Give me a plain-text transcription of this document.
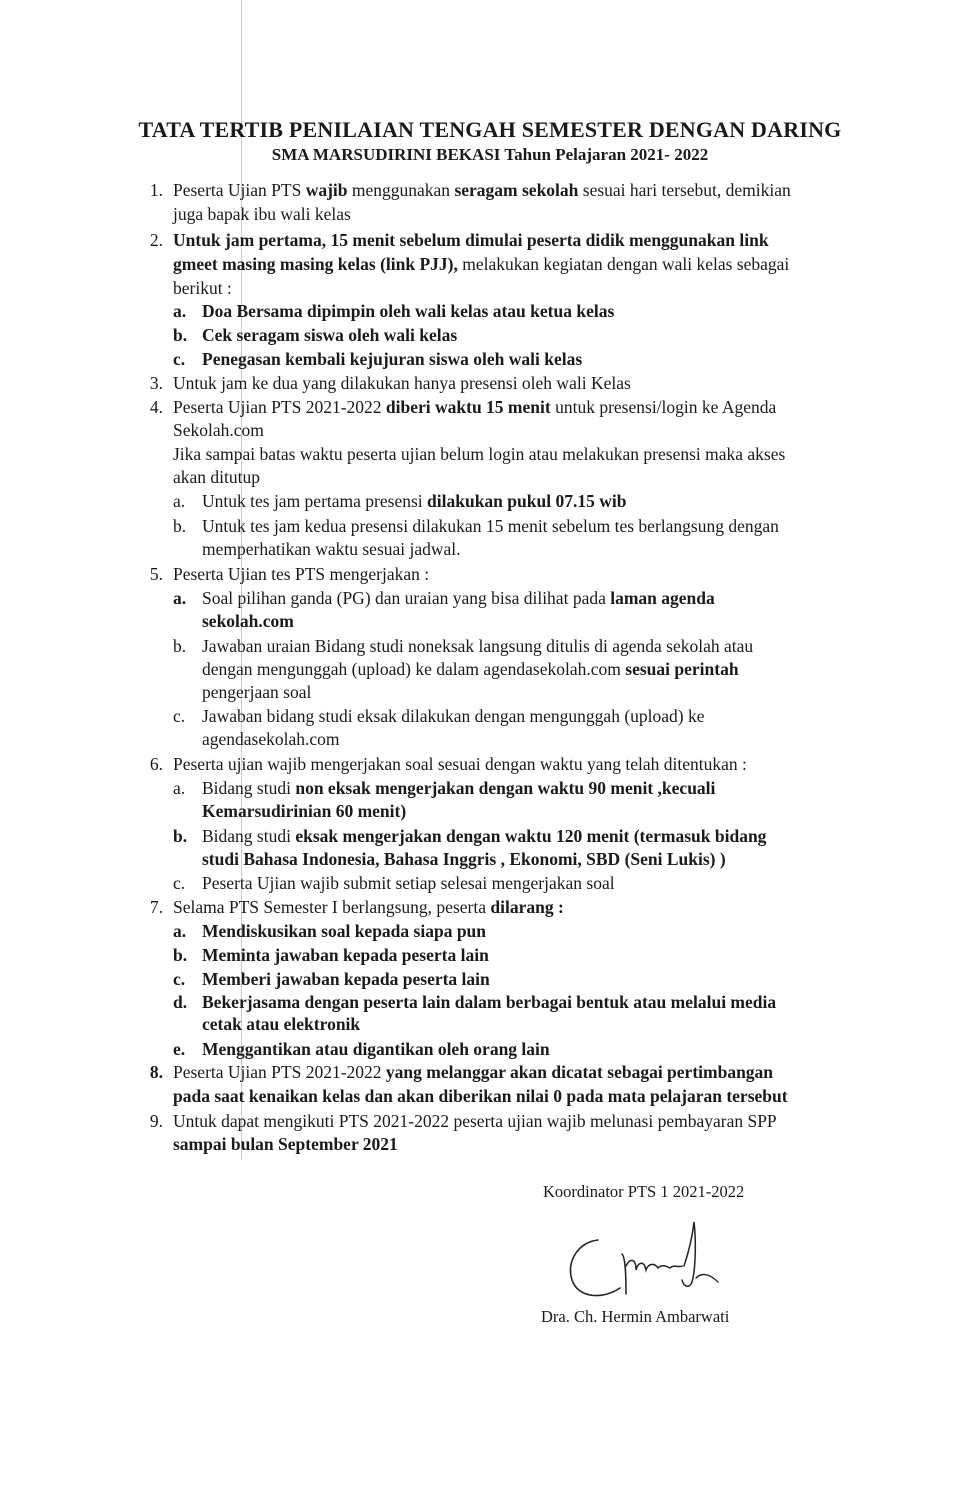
TATA TERTIB PENILAIAN TENGAH SEMESTER DENGAN DARING
SMA MARSUDIRINI BEKASI Tahun Pelajaran 2021- 2022
1. Peserta Ujian PTS wajib menggunakan seragam sekolah sesuai hari tersebut, demikian
juga bapak ibu wali kelas
2. Untuk jam pertama, 15 menit sebelum dimulai peserta didik menggunakan link
gmeet masing masing kelas (link PJJ), melakukan kegiatan dengan wali kelas sebagai
berikut :
a. Doa Bersama dipimpin oleh wali kelas atau ketua kelas
b. Cek seragam siswa oleh wali kelas
c. Penegasan kembali kejujuran siswa oleh wali kelas
3. Untuk jam ke dua yang dilakukan hanya presensi oleh wali Kelas
4. Peserta Ujian PTS 2021-2022 diberi waktu 15 menit untuk presensi/login ke Agenda
Sekolah.com
Jika sampai batas waktu peserta ujian belum login atau melakukan presensi maka akses
akan ditutup
a. Untuk tes jam pertama presensi dilakukan pukul 07.15 wib
b. Untuk tes jam kedua presensi dilakukan 15 menit sebelum tes berlangsung dengan
memperhatikan waktu sesuai jadwal.
5. Peserta Ujian tes PTS mengerjakan :
a. Soal pilihan ganda (PG) dan uraian yang bisa dilihat pada laman agenda
sekolah.com
b. Jawaban uraian Bidang studi noneksak langsung ditulis di agenda sekolah atau
dengan mengunggah (upload) ke dalam agendasekolah.com sesuai perintah
pengerjaan soal
c. Jawaban bidang studi eksak dilakukan dengan mengunggah (upload) ke
agendasekolah.com
6. Peserta ujian wajib mengerjakan soal sesuai dengan waktu yang telah ditentukan :
a. Bidang studi non eksak mengerjakan dengan waktu 90 menit ,kecuali
Kemarsudirinian 60 menit)
b. Bidang studi eksak mengerjakan dengan waktu 120 menit (termasuk bidang
studi Bahasa Indonesia, Bahasa Inggris , Ekonomi, SBD (Seni Lukis) )
c. Peserta Ujian wajib submit setiap selesai mengerjakan soal
7. Selama PTS Semester I berlangsung, peserta dilarang :
a. Mendiskusikan soal kepada siapa pun
b. Meminta jawaban kepada peserta lain
c. Memberi jawaban kepada peserta lain
d. Bekerjasama dengan peserta lain dalam berbagai bentuk atau melalui media
cetak atau elektronik
e. Menggantikan atau digantikan oleh orang lain
8. Peserta Ujian PTS 2021-2022 yang melanggar akan dicatat sebagai pertimbangan
pada saat kenaikan kelas dan akan diberikan nilai 0 pada mata pelajaran tersebut
9. Untuk dapat mengikuti PTS 2021-2022 peserta ujian wajib melunasi pembayaran SPP
sampai bulan September 2021
Koordinator PTS 1 2021-2022
Dra. Ch. Hermin Ambarwati
